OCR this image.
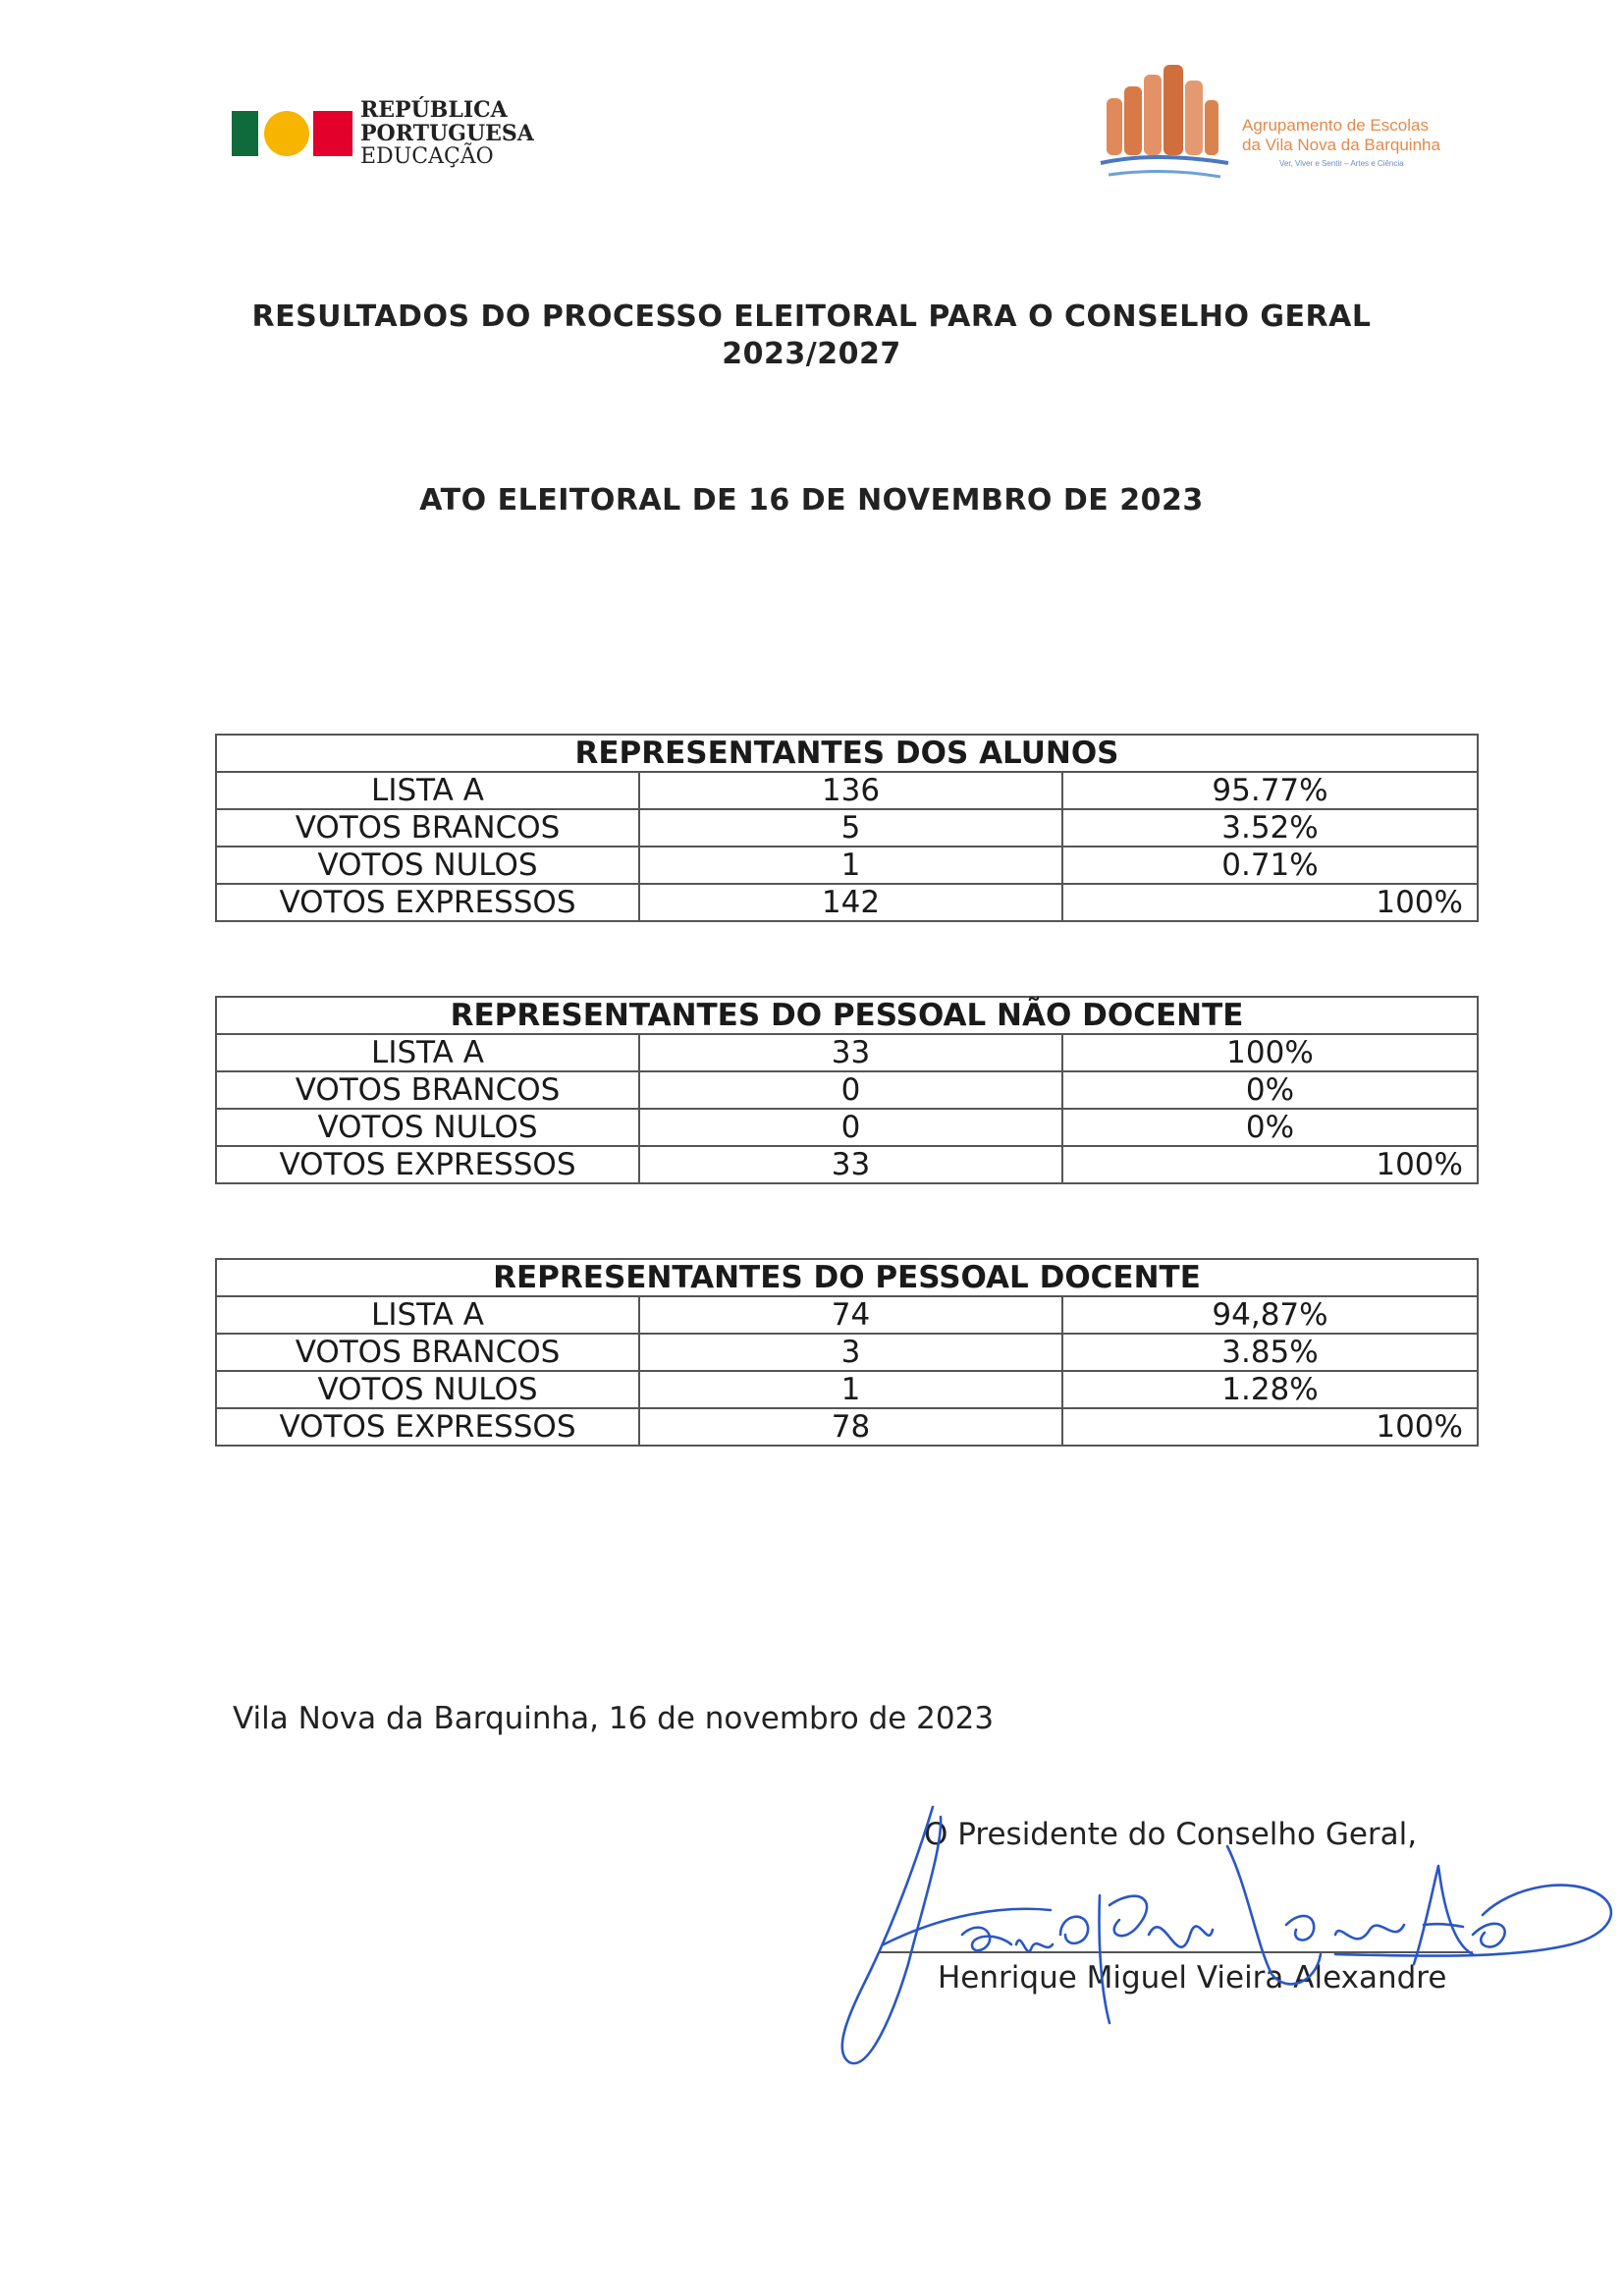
REPÚBLICA
PORTUGUESA
EDUCAÇÃO
Agrupamento de Escolas
da Vila Nova da Barquinha
Ver, Viver e Sentir – Artes e Ciência
RESULTADOS DO PROCESSO ELEITORAL PARA O CONSELHO GERAL
2023/2027
ATO ELEITORAL DE 16 DE NOVEMBRO DE 2023
REPRESENTANTES DOS ALUNOS		
LISTA A	136	95.77%
VOTOS BRANCOS	5	3.52%
VOTOS NULOS	1	0.71%
VOTOS EXPRESSOS	142	100%
REPRESENTANTES DO PESSOAL NÃO DOCENTE		
LISTA A	33	100%
VOTOS BRANCOS	0	0%
VOTOS NULOS	0	0%
VOTOS EXPRESSOS	33	100%
REPRESENTANTES DO PESSOAL DOCENTE		
LISTA A	74	94,87%
VOTOS BRANCOS	3	3.85%
VOTOS NULOS	1	1.28%
VOTOS EXPRESSOS	78	100%
Vila Nova da Barquinha, 16 de novembro de 2023
O Presidente do Conselho Geral,
Henrique Miguel Vieira Alexandre
